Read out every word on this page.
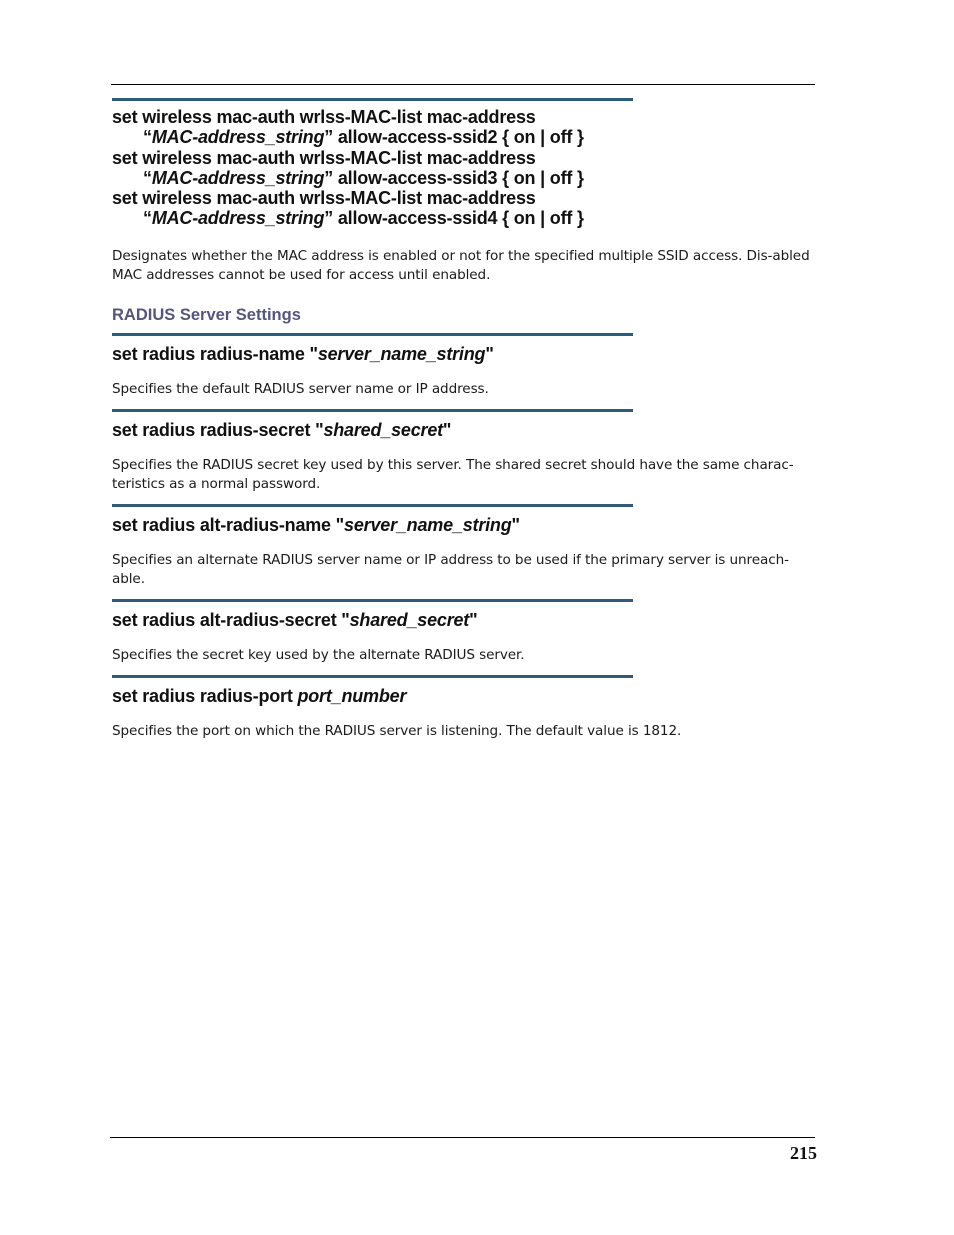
set wireless mac-auth wrlss-MAC-list mac-address
“MAC-address_string” allow-access-ssid2 { on | off }
set wireless mac-auth wrlss-MAC-list mac-address
“MAC-address_string” allow-access-ssid3 { on | off }
set wireless mac-auth wrlss-MAC-list mac-address
“MAC-address_string” allow-access-ssid4 { on | off }

Designates whether the MAC address is enabled or not for the specified multiple SSID access. Dis-abled MAC addresses cannot be used for access until enabled.

RADIUS Server Settings

set radius radius-name "server_name_string"

Specifies the default RADIUS server name or IP address.

set radius radius-secret "shared_secret"

Specifies the RADIUS secret key used by this server. The shared secret should have the same charac-teristics as a normal password.

set radius alt-radius-name "server_name_string"

Specifies an alternate RADIUS server name or IP address to be used if the primary server is unreach-able.

set radius alt-radius-secret "shared_secret"

Specifies the secret key used by the alternate RADIUS server.

set radius radius-port port_number

Specifies the port on which the RADIUS server is listening. The default value is 1812.

215
